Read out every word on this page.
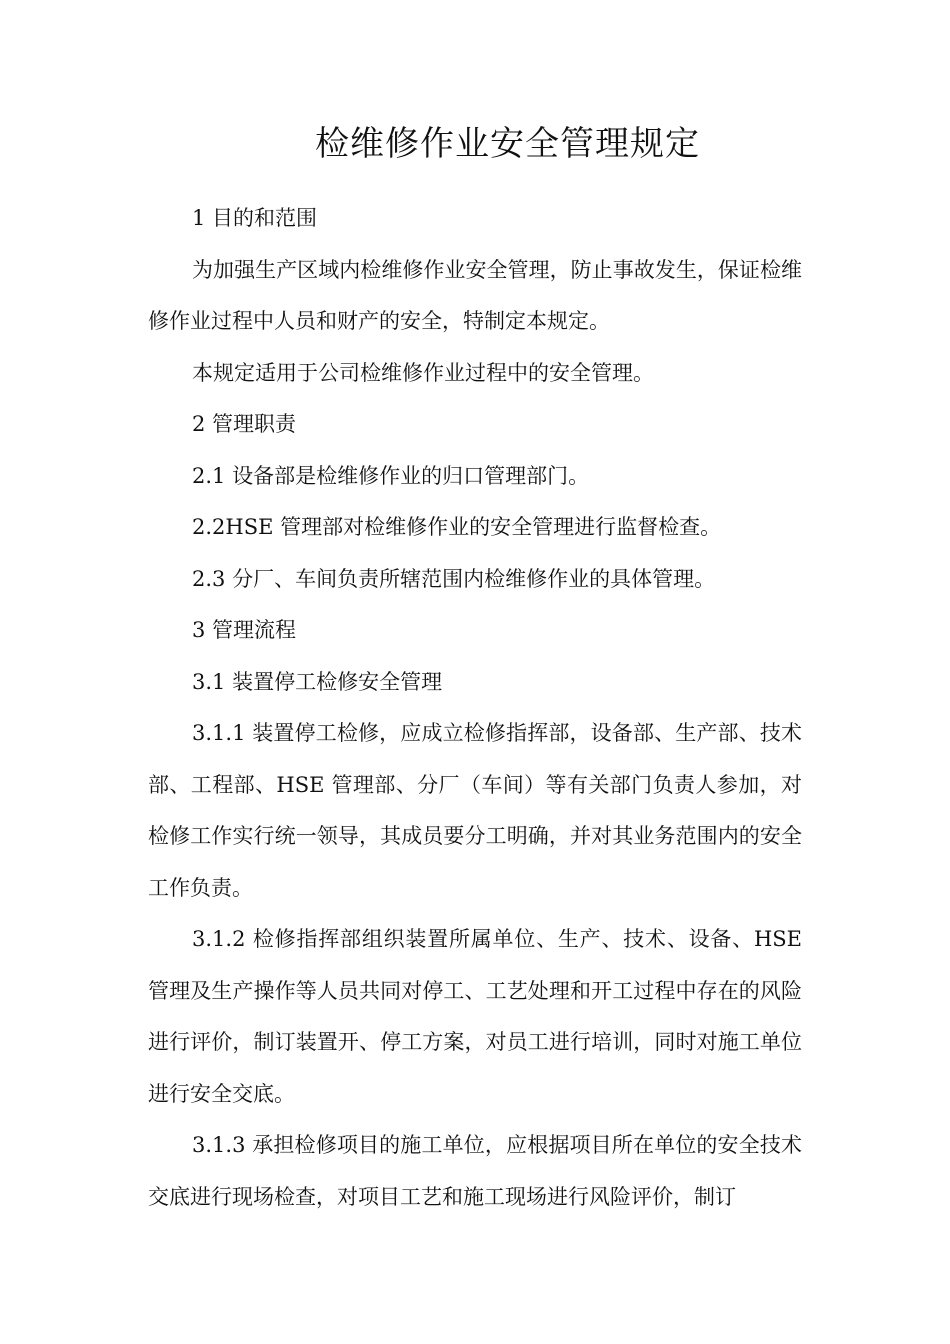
检维修作业安全管理规定

1 目的和范围

为加强生产区域内检维修作业安全管理，防止事故发生，保证检维修作业过程中人员和财产的安全，特制定本规定。

本规定适用于公司检维修作业过程中的安全管理。

2 管理职责

2.1 设备部是检维修作业的归口管理部门。

2.2HSE 管理部对检维修作业的安全管理进行监督检查。

2.3 分厂、车间负责所辖范围内检维修作业的具体管理。

3 管理流程

3.1 装置停工检修安全管理

3.1.1 装置停工检修，应成立检修指挥部，设备部、生产部、技术部、工程部、HSE 管理部、分厂（车间）等有关部门负责人参加，对检修工作实行统一领导，其成员要分工明确，并对其业务范围内的安全工作负责。

3.1.2 检修指挥部组织装置所属单位、生产、技术、设备、HSE 管理及生产操作等人员共同对停工、工艺处理和开工过程中存在的风险进行评价，制订装置开、停工方案，对员工进行培训，同时对施工单位进行安全交底。

3.1.3 承担检修项目的施工单位，应根据项目所在单位的安全技术交底进行现场检查，对项目工艺和施工现场进行风险评价，制订
